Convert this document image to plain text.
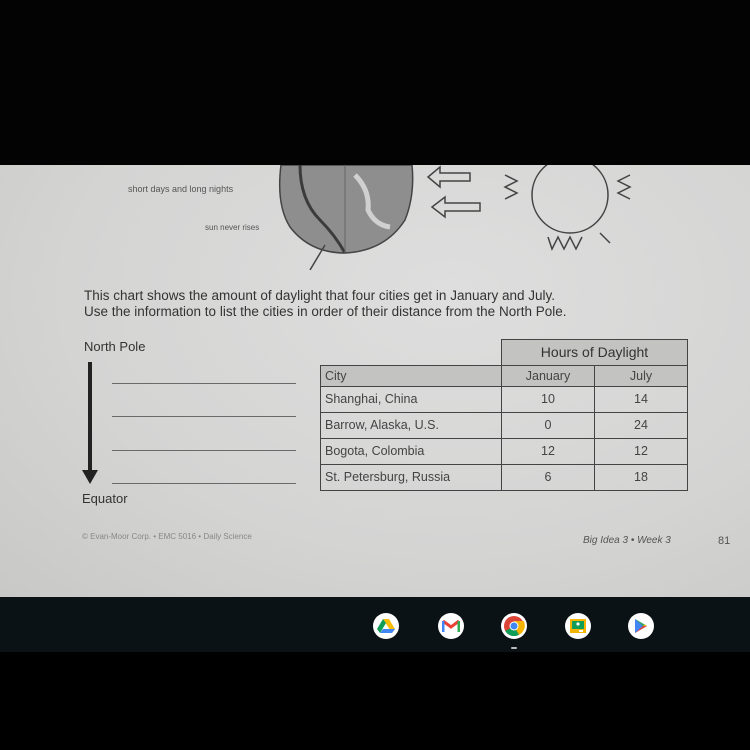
short days and long nights
sun never rises
This chart shows the amount of daylight that four cities get in January and July.
Use the information to list the cities in order of their distance from the North Pole.
North Pole
Equator
	Hours of Daylight	
City	January	July
Shanghai, China	10	14
Barrow, Alaska, U.S.	0	24
Bogota, Colombia	12	12
St. Petersburg, Russia	6	18
© Evan-Moor Corp. • EMC 5016 • Daily Science	Big Idea 3 • Week 3	81
